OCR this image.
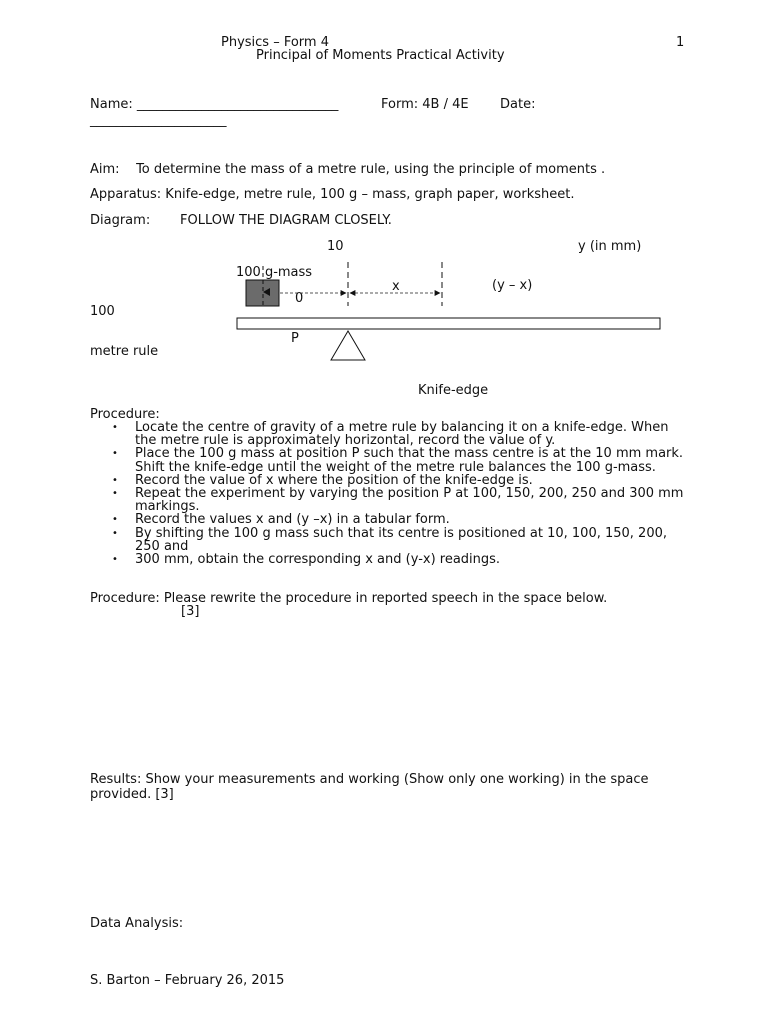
Physics – Form 4	1
Principal of Moments Practical Activity
Name: _______________________________	Form: 4B / 4E Date:
_____________________
Aim:    To determine the mass of a metre rule, using the principle of moments .
Apparatus: Knife-edge, metre rule, 100 g – mass, graph paper, worksheet.
Diagram: FOLLOW THE DIAGRAM CLOSELY.
10	y (in mm)
100 g-mass
x
0
(y – x)
100
P
metre rule
Knife-edge
Procedure:
• Locate the centre of gravity of a metre rule by balancing it on a knife-edge. When the metre rule is approximately horizontal, record the value of y.
• Place the 100 g mass at position P such that the mass centre is at the 10 mm mark. Shift the knife-edge until the weight of the metre rule balances the 100 g-mass.
• Record the value of x where the position of the knife-edge is.
• Repeat the experiment by varying the position P at 100, 150, 200, 250 and 300 mm markings.
• Record the values x and (y –x) in a tabular form.
• By shifting the 100 g mass such that its centre is positioned at 10, 100, 150, 200, 250 and
• 300 mm, obtain the corresponding x and (y-x) readings.
Procedure: Please rewrite the procedure in reported speech in the space below.
[3]
Results: Show your measurements and working (Show only one working) in the space provided. [3]
Data Analysis:
S. Barton – February 26, 2015
